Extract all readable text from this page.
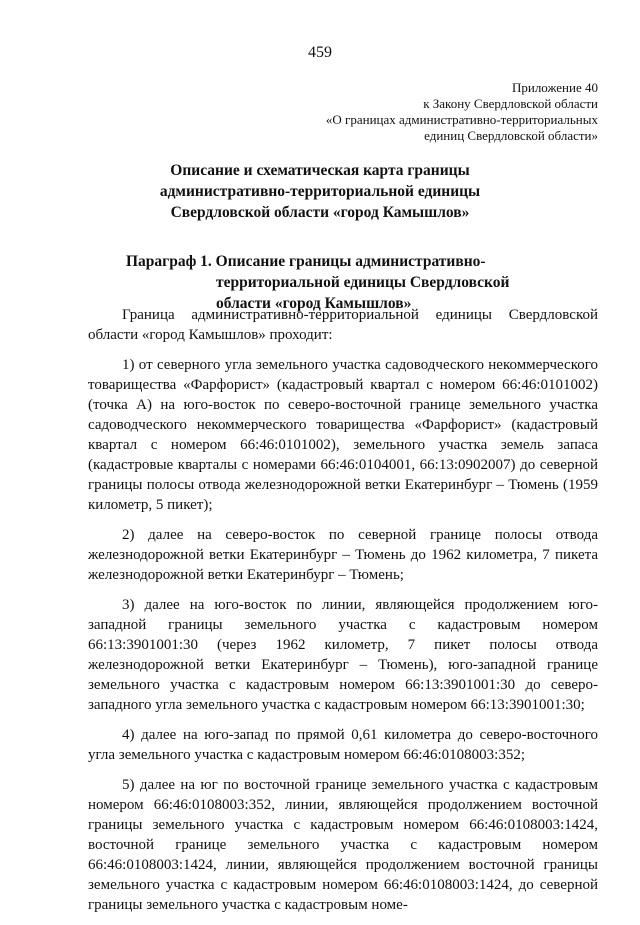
459
Приложение 40
к Закону Свердловской области
«О границах административно-территориальных
единиц Свердловской области»
Описание и схематическая карта границы
административно-территориальной единицы
Свердловской области «город Камышлов»
Параграф 1. Описание границы административно-
территориальной единицы Свердловской
области «город Камышлов»

Граница административно-территориальной единицы Свердловской области «город Камышлов» проходит:

1) от северного угла земельного участка садоводческого некоммерческого товарищества «Фарфорист» (кадастровый квартал с номером 66:46:0101002) (точка А) на юго-восток по северо-восточной границе земельного участка садоводческого некоммерческого товарищества «Фарфорист» (кадастровый квартал с номером 66:46:0101002), земельного участка земель запаса (кадастровые кварталы с номерами 66:46:0104001, 66:13:0902007) до северной границы полосы отвода железнодорожной ветки Екатеринбург – Тюмень (1959 километр, 5 пикет);

2) далее на северо-восток по северной границе полосы отвода железнодорожной ветки Екатеринбург – Тюмень до 1962 километра, 7 пикета железнодорожной ветки Екатеринбург – Тюмень;

3) далее на юго-восток по линии, являющейся продолжением юго-западной границы земельного участка с кадастровым номером 66:13:3901001:30 (через 1962 километр, 7 пикет полосы отвода железнодорожной ветки Екатеринбург – Тюмень), юго-западной границе земельного участка с кадастровым номером 66:13:3901001:30 до северо-западного угла земельного участка с кадастровым номером 66:13:3901001:30;

4) далее на юго-запад по прямой 0,61 километра до северо-восточного угла земельного участка с кадастровым номером 66:46:0108003:352;

5) далее на юг по восточной границе земельного участка с кадастровым номером 66:46:0108003:352, линии, являющейся продолжением восточной границы земельного участка с кадастровым номером 66:46:0108003:1424, восточной границе земельного участка с кадастровым номером 66:46:0108003:1424, линии, являющейся продолжением восточной границы земельного участка с кадастровым номером 66:46:0108003:1424, до северной границы земельного участка с кадастровым номе-
